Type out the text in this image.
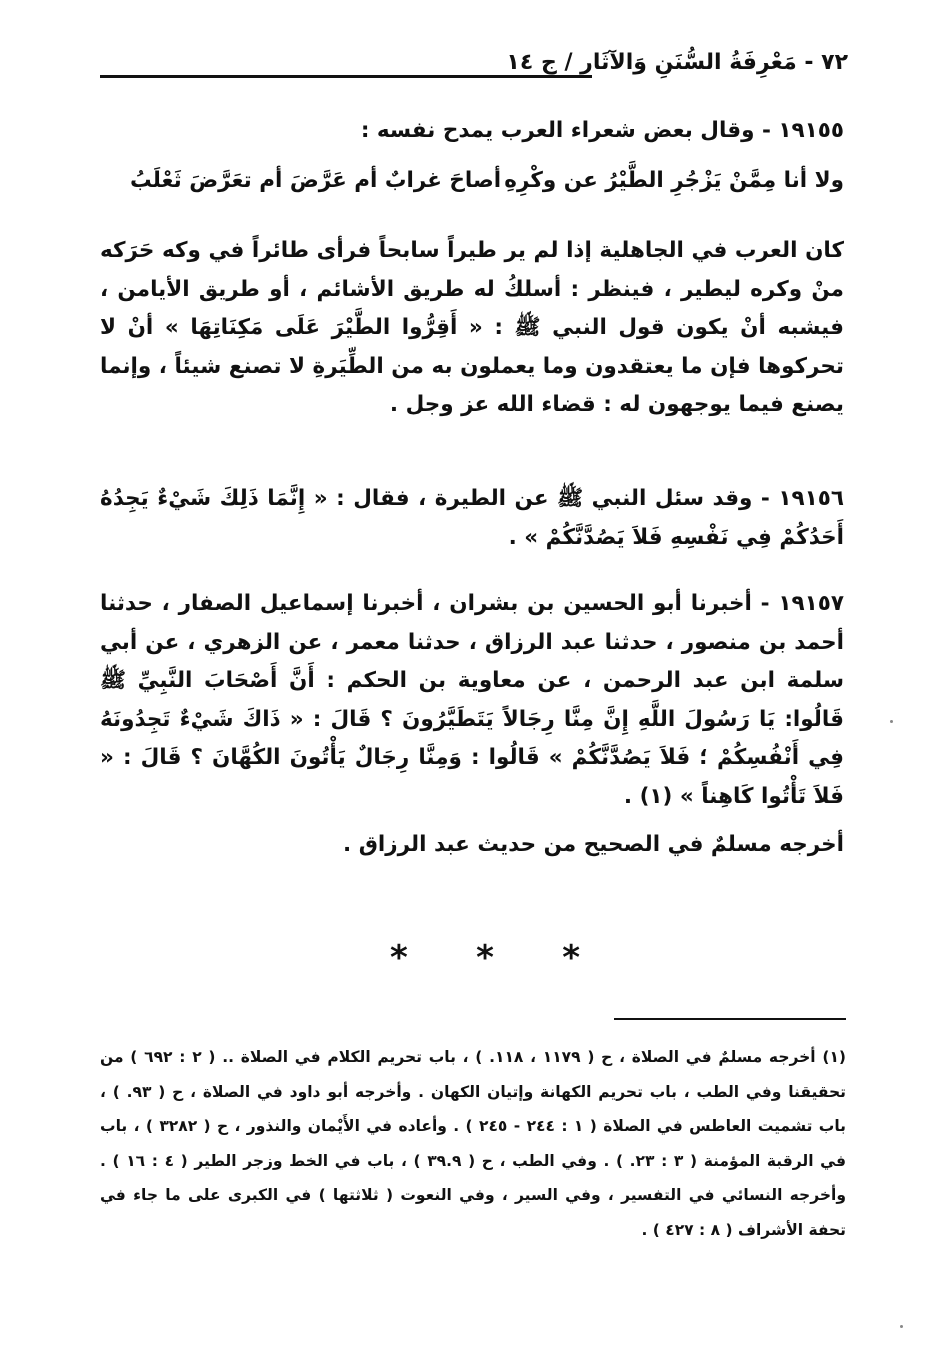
٧٢ - مَعْرِفَةُ السُّنَنِ وَالآثَارِ / ج ١٤
١٩١٥٥ - وقال بعض شعراء العرب يمدح نفسه :
ولا أنا مِمَّنْ يَزْجُرِ الطَّيْرُ عن وكْرِهِ
أصاحَ غرابٌ أم عَرَّضَ أم تعَرَّضَ ثَعْلَبُ
كان العرب في الجاهلية إذا لم ير طيراً سابحاً فرأى طائراً في وكه حَرَكه منْ وكره ليطير ، فينظر : أسلكُ له طريق الأشائم ، أو طريق الأيامن ، فيشبه أنْ يكون قول النبي ﷺ : « أَقِرُّوا الطَّيْرَ عَلَى مَكِنَاتِهَا » أنْ لا تحركوها فإن ما يعتقدون وما يعملون به من الطِّيَرةِ لا تصنع شيئاً ، وإنما يصنع فيما يوجهون له : قضاء الله عز وجل .
١٩١٥٦ - وقد سئل النبي ﷺ عن الطيرة ، فقال : « إِنَّمَا ذَلِكَ شَيْءٌ يَجِدُهُ أَحَدُكُمْ فِي نَفْسِهِ فَلاَ يَصُدَّنَّكُمْ » .
١٩١٥٧ - أخبرنا أبو الحسين بن بشران ، أخبرنا إسماعيل الصفار ، حدثنا أحمد بن منصور ، حدثنا عبد الرزاق ، حدثنا معمر ، عن الزهري ، عن أبي سلمة ابن عبد الرحمن ، عن معاوية بن الحكم : أَنَّ أَصْحَابَ النَّبِيِّ ﷺ قَالُوا: يَا رَسُولَ اللَّهِ إِنَّ مِنَّا رِجَالاً يَتَطَيَّرُونَ ؟ قَالَ : « ذَاكَ شَيْءٌ تَجِدُونَهُ فِي أَنْفُسِكُمْ ؛ فَلاَ يَصُدَّنَّكُمْ » قَالُوا : وَمِنَّا رِجَالٌ يَأْتُونَ الكُهَّانَ ؟ قَالَ : « فَلاَ تَأْتُوا كَاهِناً » (١) .
أخرجه مسلمٌ في الصحيح من حديث عبد الرزاق .
* * *
(١) أخرجه مسلمٌ في الصلاة ، ح ( ١١٧٩ ، ١١٨. ) ، باب تحريم الكلام في الصلاة .. ( ٢ : ٦٩٢ ) من تحقيقنا وفي الطب ، باب تحريم الكهانة وإتيان الكهان . وأخرجه أبو داود في الصلاة ، ح ( ٩٣. ) ، باب تشميت العاطس في الصلاة ( ١ : ٢٤٤ - ٢٤٥ ) . وأعاده في الأَيْمان والنذور ، ح ( ٣٢٨٢ ) ، باب في الرقبة المؤمنة ( ٣ : ٢٣. ) . وفي الطب ، ح ( ٣٩.٩ ) ، باب في الخط وزجر الطير ( ٤ : ١٦ ) . وأخرجه النسائي في التفسير ، وفي السير ، وفي النعوت ( ثلاثتها ) في الكبرى على ما جاء في تحفة الأشراف ( ٨ : ٤٢٧ ) .
